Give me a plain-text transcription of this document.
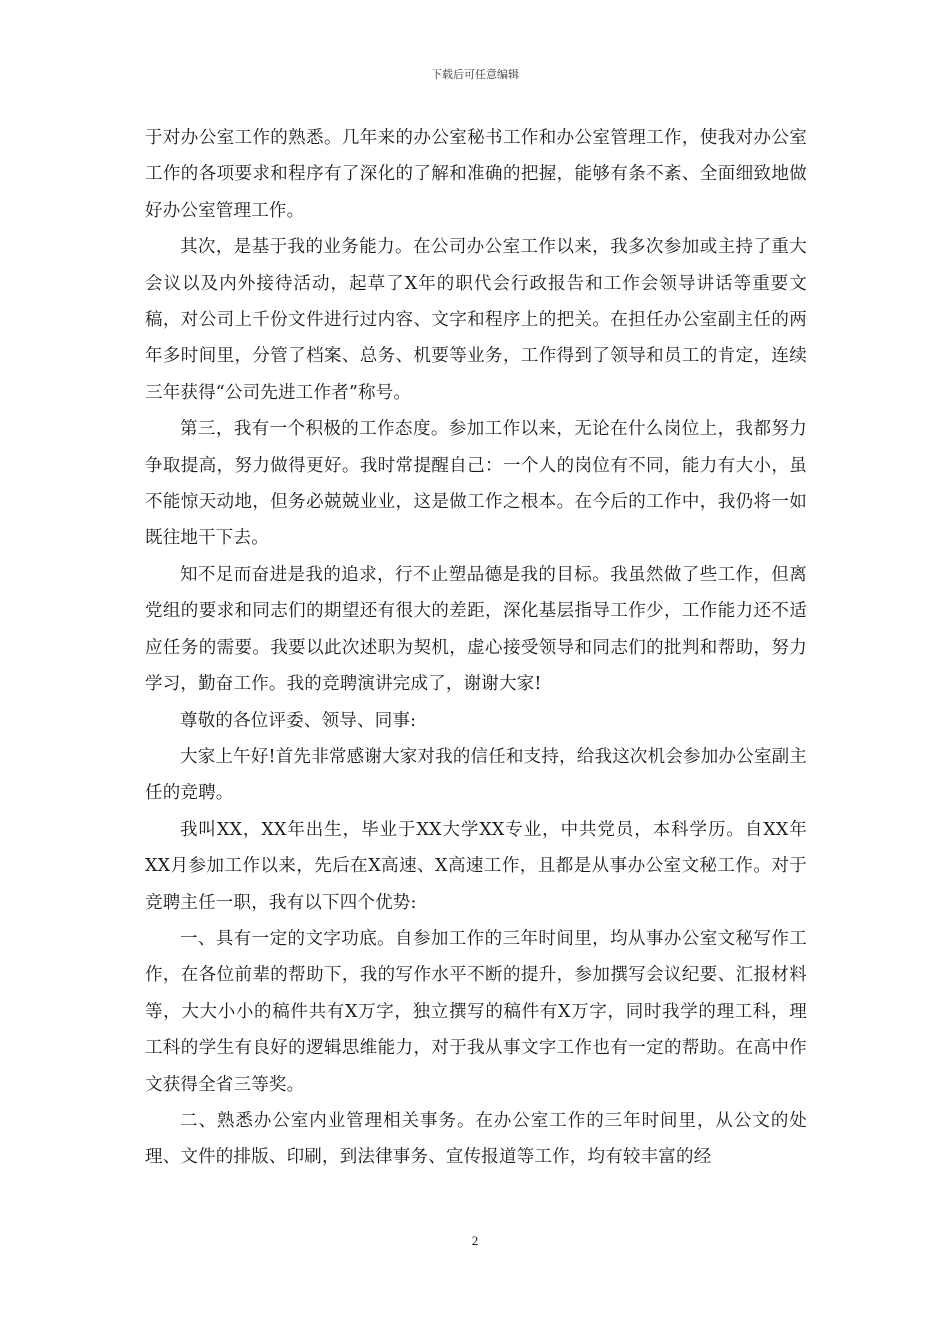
下载后可任意编辑

于对办公室工作的熟悉。几年来的办公室秘书工作和办公室管理工作，使我对办公室工作的各项要求和程序有了深化的了解和准确的把握，能够有条不紊、全面细致地做好办公室管理工作。

其次，是基于我的业务能力。在公司办公室工作以来，我多次参加或主持了重大会议以及内外接待活动，起草了X年的职代会行政报告和工作会领导讲话等重要文稿，对公司上千份文件进行过内容、文字和程序上的把关。在担任办公室副主任的两年多时间里，分管了档案、总务、机要等业务，工作得到了领导和员工的肯定，连续三年获得“公司先进工作者”称号。

第三，我有一个积极的工作态度。参加工作以来，无论在什么岗位上，我都努力争取提高，努力做得更好。我时常提醒自己：一个人的岗位有不同，能力有大小，虽不能惊天动地，但务必兢兢业业，这是做工作之根本。在今后的工作中，我仍将一如既往地干下去。

知不足而奋进是我的追求，行不止塑品德是我的目标。我虽然做了些工作，但离党组的要求和同志们的期望还有很大的差距，深化基层指导工作少，工作能力还不适应任务的需要。我要以此次述职为契机，虚心接受领导和同志们的批判和帮助，努力学习，勤奋工作。我的竞聘演讲完成了，谢谢大家!

尊敬的各位评委、领导、同事:

大家上午好!首先非常感谢大家对我的信任和支持，给我这次机会参加办公室副主任的竞聘。

我叫XX，XX年出生，毕业于XX大学XX专业，中共党员，本科学历。自XX年XX月参加工作以来，先后在X高速、X高速工作，且都是从事办公室文秘工作。对于竞聘主任一职，我有以下四个优势:

一、具有一定的文字功底。自参加工作的三年时间里，均从事办公室文秘写作工作，在各位前辈的帮助下，我的写作水平不断的提升，参加撰写会议纪要、汇报材料等，大大小小的稿件共有X万字，独立撰写的稿件有X万字，同时我学的理工科，理工科的学生有良好的逻辑思维能力，对于我从事文字工作也有一定的帮助。在高中作文获得全省三等奖。

二、熟悉办公室内业管理相关事务。在办公室工作的三年时间里，从公文的处理、文件的排版、印刷，到法律事务、宣传报道等工作，均有较丰富的经

2
